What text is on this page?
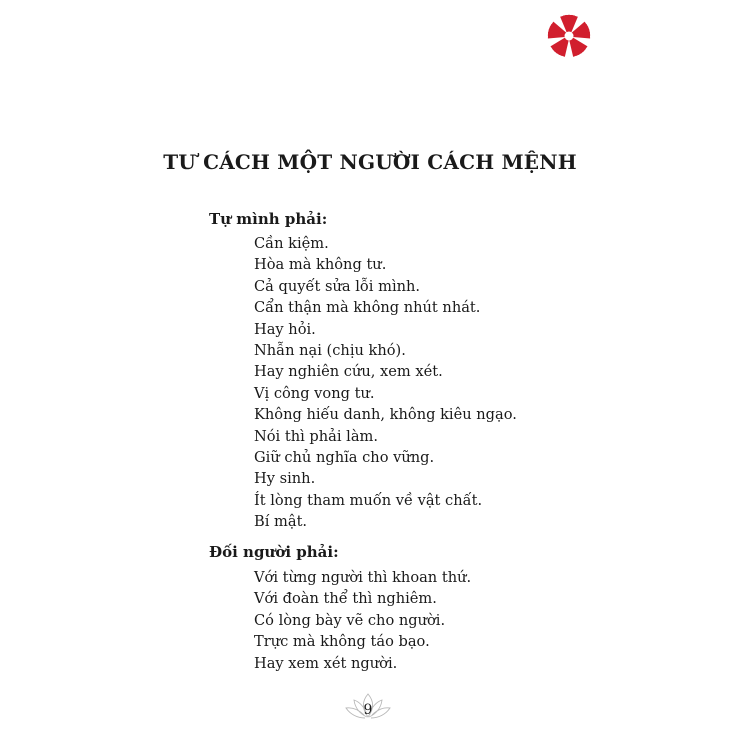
TƯ CÁCH MỘT NGƯỜI CÁCH MỆNH
Tự mình phải:
Cần kiệm.
Hòa mà không tư.
Cả quyết sửa lỗi mình.
Cẩn thận mà không nhút nhát.
Hay hỏi.
Nhẫn nại (chịu khó).
Hay nghiên cứu, xem xét.
Vị công vong tư.
Không hiếu danh, không kiêu ngạo.
Nói thì phải làm.
Giữ chủ nghĩa cho vững.
Hy sinh.
Ít lòng tham muốn về vật chất.
Bí mật.
Đối người phải:
Với từng người thì khoan thứ.
Với đoàn thể thì nghiêm.
Có lòng bày vẽ cho người.
Trực mà không táo bạo.
Hay xem xét người.
9
